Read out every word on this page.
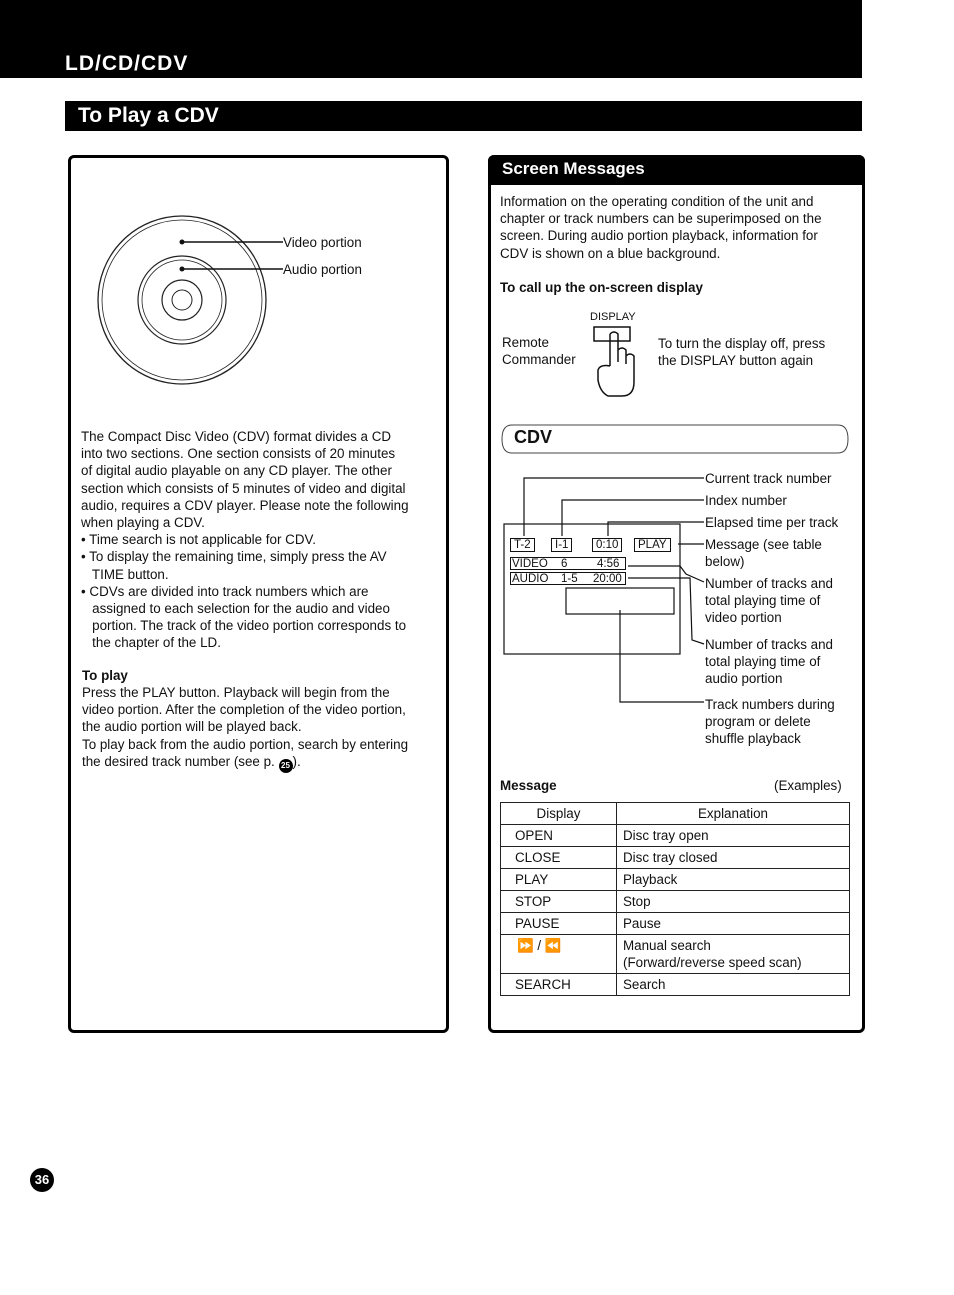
LD/CD/CDV
To Play a CDV
Video portion
Audio portion
The Compact Disc Video (CDV) format divides a CD
into two sections. One section consists of 20 minutes
of digital audio playable on any CD player. The other
section which consists of 5 minutes of video and digital
audio, requires a CDV player. Please note the following
when playing a CDV.
• Time search is not applicable for CDV.
• To display the remaining time, simply press the AV
TIME button.
• CDVs are divided into track numbers which are
assigned to each selection for the audio and video
portion. The track of the video portion corresponds to
the chapter of the LD.
To play
Press the PLAY button. Playback will begin from the
video portion. After the completion of the video portion,
the audio portion will be played back.
To play back from the audio portion, search by entering
the desired track number (see p. 25 ).
Screen Messages
Information on the operating condition of the unit and
chapter or track numbers can be superimposed on the
screen. During audio portion playback, information for
CDV is shown on a blue background.
To call up the on-screen display
DISPLAY
Remote
Commander
To turn the display off, press
the DISPLAY button again
CDV
T-2	I-1	0:10	PLAY
VIDEO 6	4:56
AUDIO 1-5 20:00
Current track number
Index number
Elapsed time per track
Message (see table
below)
Number of tracks and
total playing time of
video portion
Number of tracks and
total playing time of
audio portion
Track numbers during
program or delete
shuffle playback
Message	(Examples)
Display	Explanation
OPEN	Disc tray open
CLOSE	Disc tray closed
PLAY	Playback
STOP	Stop
PAUSE	Pause
⏩ / ⏪	Manual search
(Forward/reverse speed scan)
SEARCH	Search
36
